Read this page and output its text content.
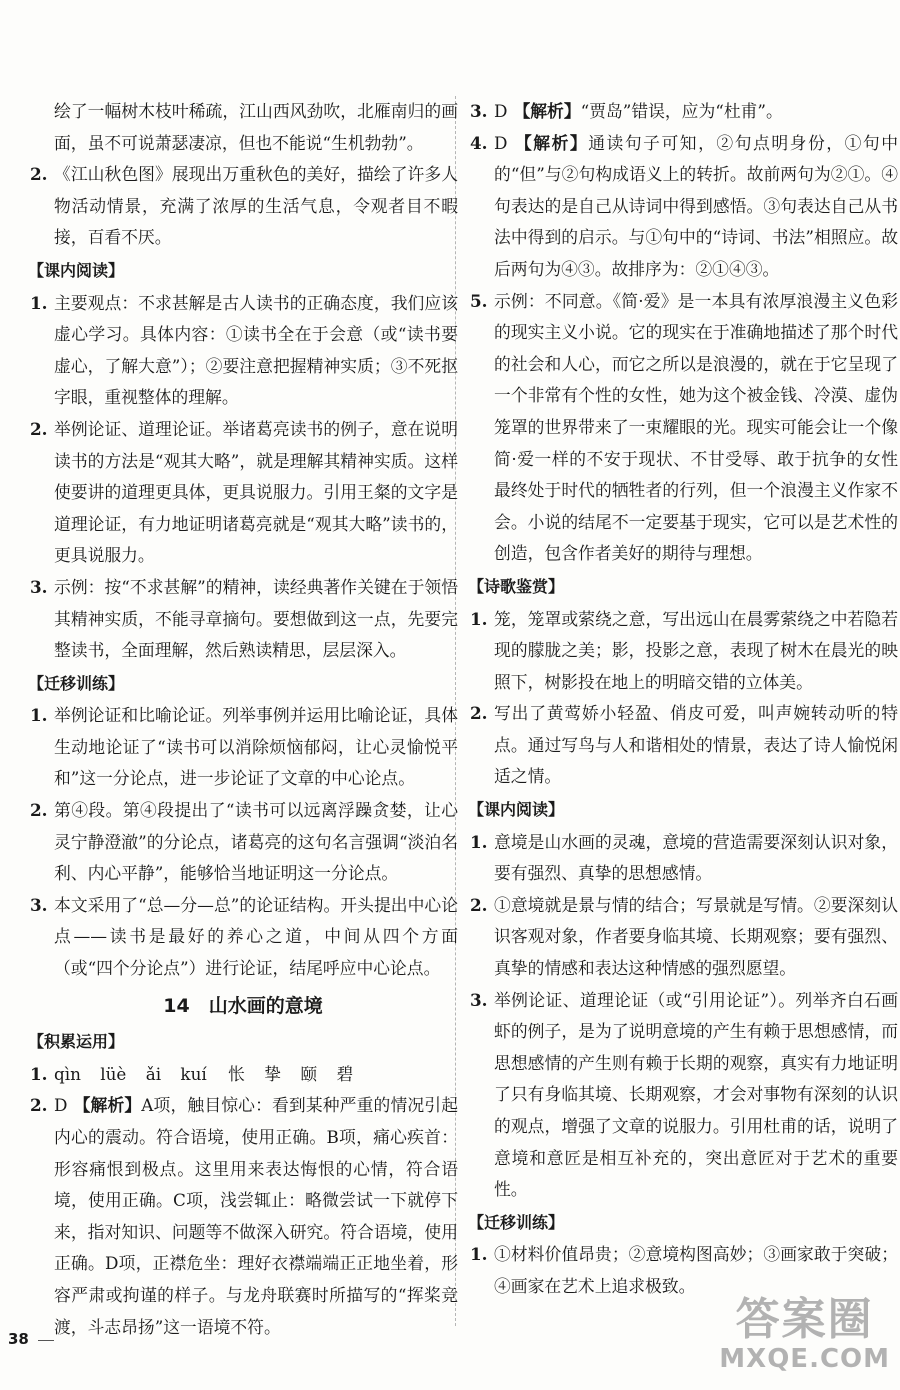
绘了一幅树木枝叶稀疏，江山西风劲吹，北雁南归的画面，虽不可说萧瑟凄凉，但也不能说“生机勃勃”。
2. 《江山秋色图》展现出万重秋色的美好，描绘了许多人物活动情景，充满了浓厚的生活气息，令观者目不暇接，百看不厌。
【课内阅读】
1. 主要观点：不求甚解是古人读书的正确态度，我们应该虚心学习。具体内容：①读书全在于会意（或“读书要虚心，了解大意”）；②要注意把握精神实质；③不死抠字眼，重视整体的理解。
2. 举例论证、道理论证。举诸葛亮读书的例子，意在说明读书的方法是“观其大略”，就是理解其精神实质。这样使要讲的道理更具体，更具说服力。引用王粲的文字是道理论证，有力地证明诸葛亮就是“观其大略”读书的，更具说服力。
3. 示例：按“不求甚解”的精神，读经典著作关键在于领悟其精神实质，不能寻章摘句。要想做到这一点，先要完整读书，全面理解，然后熟读精思，层层深入。
【迁移训练】
1. 举例论证和比喻论证。列举事例并运用比喻论证，具体生动地论证了“读书可以消除烦恼郁闷，让心灵愉悦平和”这一分论点，进一步论证了文章的中心论点。
2. 第④段。第④段提出了“读书可以远离浮躁贪婪，让心灵宁静澄澈”的分论点，诸葛亮的这句名言强调“淡泊名利、内心平静”，能够恰当地证明这一分论点。
3. 本文采用了“总—分—总”的论证结构。开头提出中心论点——读书是最好的养心之道，中间从四个方面（或“四个分论点”）进行论证，结尾呼应中心论点。
14　山水画的意境
【积累运用】
1. qìn lüè ǎi kuí 怅 挚 颐 碧
2. D 【解析】A项，触目惊心：看到某种严重的情况引起内心的震动。符合语境，使用正确。B项，痛心疾首：形容痛恨到极点。这里用来表达悔恨的心情，符合语境，使用正确。C项，浅尝辄止：略微尝试一下就停下来，指对知识、问题等不做深入研究。符合语境，使用正确。D项，正襟危坐：理好衣襟端端正正地坐着，形容严肃或拘谨的样子。与龙舟联赛时所描写的“挥桨竞渡，斗志昂扬”这一语境不符。
3. D 【解析】“贾岛”错误，应为“杜甫”。
4. D 【解析】通读句子可知，②句点明身份，①句中的“但”与②句构成语义上的转折。故前两句为②①。④句表达的是自己从诗词中得到感悟。③句表达自己从书法中得到的启示。与①句中的“诗词、书法”相照应。故后两句为④③。故排序为：②①④③。
5. 示例：不同意。《简·爱》是一本具有浓厚浪漫主义色彩的现实主义小说。它的现实在于准确地描述了那个时代的社会和人心，而它之所以是浪漫的，就在于它呈现了一个非常有个性的女性，她为这个被金钱、冷漠、虚伪笼罩的世界带来了一束耀眼的光。现实可能会让一个像简·爱一样的不安于现状、不甘受辱、敢于抗争的女性最终处于时代的牺牲者的行列，但一个浪漫主义作家不会。小说的结尾不一定要基于现实，它可以是艺术性的创造，包含作者美好的期待与理想。
【诗歌鉴赏】
1. 笼，笼罩或萦绕之意，写出远山在晨雾萦绕之中若隐若现的朦胧之美；影，投影之意，表现了树木在晨光的映照下，树影投在地上的明暗交错的立体美。
2. 写出了黄莺娇小轻盈、俏皮可爱，叫声婉转动听的特点。通过写鸟与人和谐相处的情景，表达了诗人愉悦闲适之情。
【课内阅读】
1. 意境是山水画的灵魂，意境的营造需要深刻认识对象，要有强烈、真挚的思想感情。
2. ①意境就是景与情的结合；写景就是写情。②要深刻认识客观对象，作者要身临其境、长期观察；要有强烈、真挚的情感和表达这种情感的强烈愿望。
3. 举例论证、道理论证（或“引用论证”）。列举齐白石画虾的例子，是为了说明意境的产生有赖于思想感情，而思想感情的产生则有赖于长期的观察，真实有力地证明了只有身临其境、长期观察，才会对事物有深刻的认识的观点，增强了文章的说服力。引用杜甫的话，说明了意境和意匠是相互补充的，突出意匠对于艺术的重要性。
【迁移训练】
1. ①材料价值昂贵；②意境构图高妙；③画家敢于突破；④画家在艺术上追求极致。
38	答案圈
MXQE.COM
